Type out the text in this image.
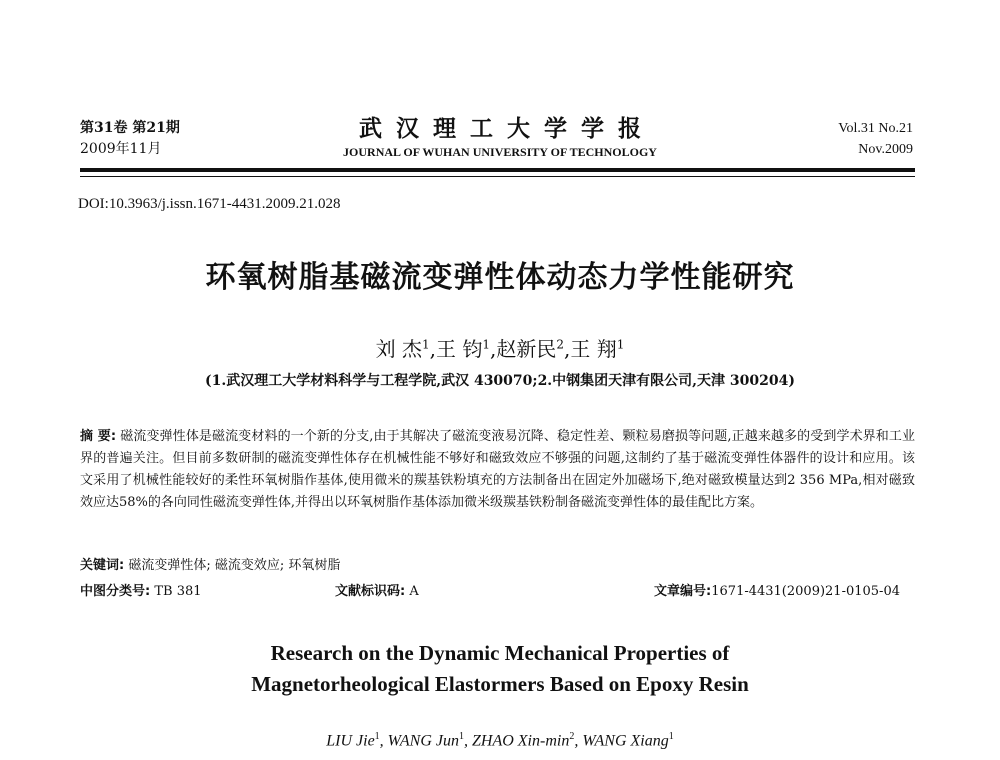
第31卷 第21期
2009年11月
武汉理工大学学报
JOURNAL OF WUHAN UNIVERSITY OF TECHNOLOGY
Vol.31 No.21
Nov.2009
DOI:10.3963/j.issn.1671-4431.2009.21.028
环氧树脂基磁流变弹性体动态力学性能研究
刘 杰$^1$,王 钧$^1$,赵新民$^2$,王 翔$^1$
(1.武汉理工大学材料科学与工程学院,武汉 430070;2.中钢集团天津有限公司,天津 300204)
摘 要: 磁流变弹性体是磁流变材料的一个新的分支,由于其解决了磁流变液易沉降、稳定性差、颗粒易磨损等问题,正越来越多的受到学术界和工业界的普遍关注。但目前多数研制的磁流变弹性体存在机械性能不够好和磁致效应不够强的问题,这制约了基于磁流变弹性体器件的设计和应用。该文采用了机械性能较好的柔性环氧树脂作基体,使用微米的羰基铁粉填充的方法制备出在固定外加磁场下,绝对磁致模量达到2 356 MPa,相对磁致效应达58%的各向同性磁流变弹性体,并得出以环氧树脂作基体添加微米级羰基铁粉制备磁流变弹性体的最佳配比方案。
关键词: 磁流变弹性体; 磁流变效应; 环氧树脂
中图分类号: TB 381	文献标识码: A	文章编号:1671-4431(2009)21-0105-04
Research on the Dynamic Mechanical Properties of
Magnetorheological Elastormers Based on Epoxy Resin
LIU Jie$^1$, WANG Jun$^1$, ZHAO Xin-$\min^2$, WANG Xiang$^1$
